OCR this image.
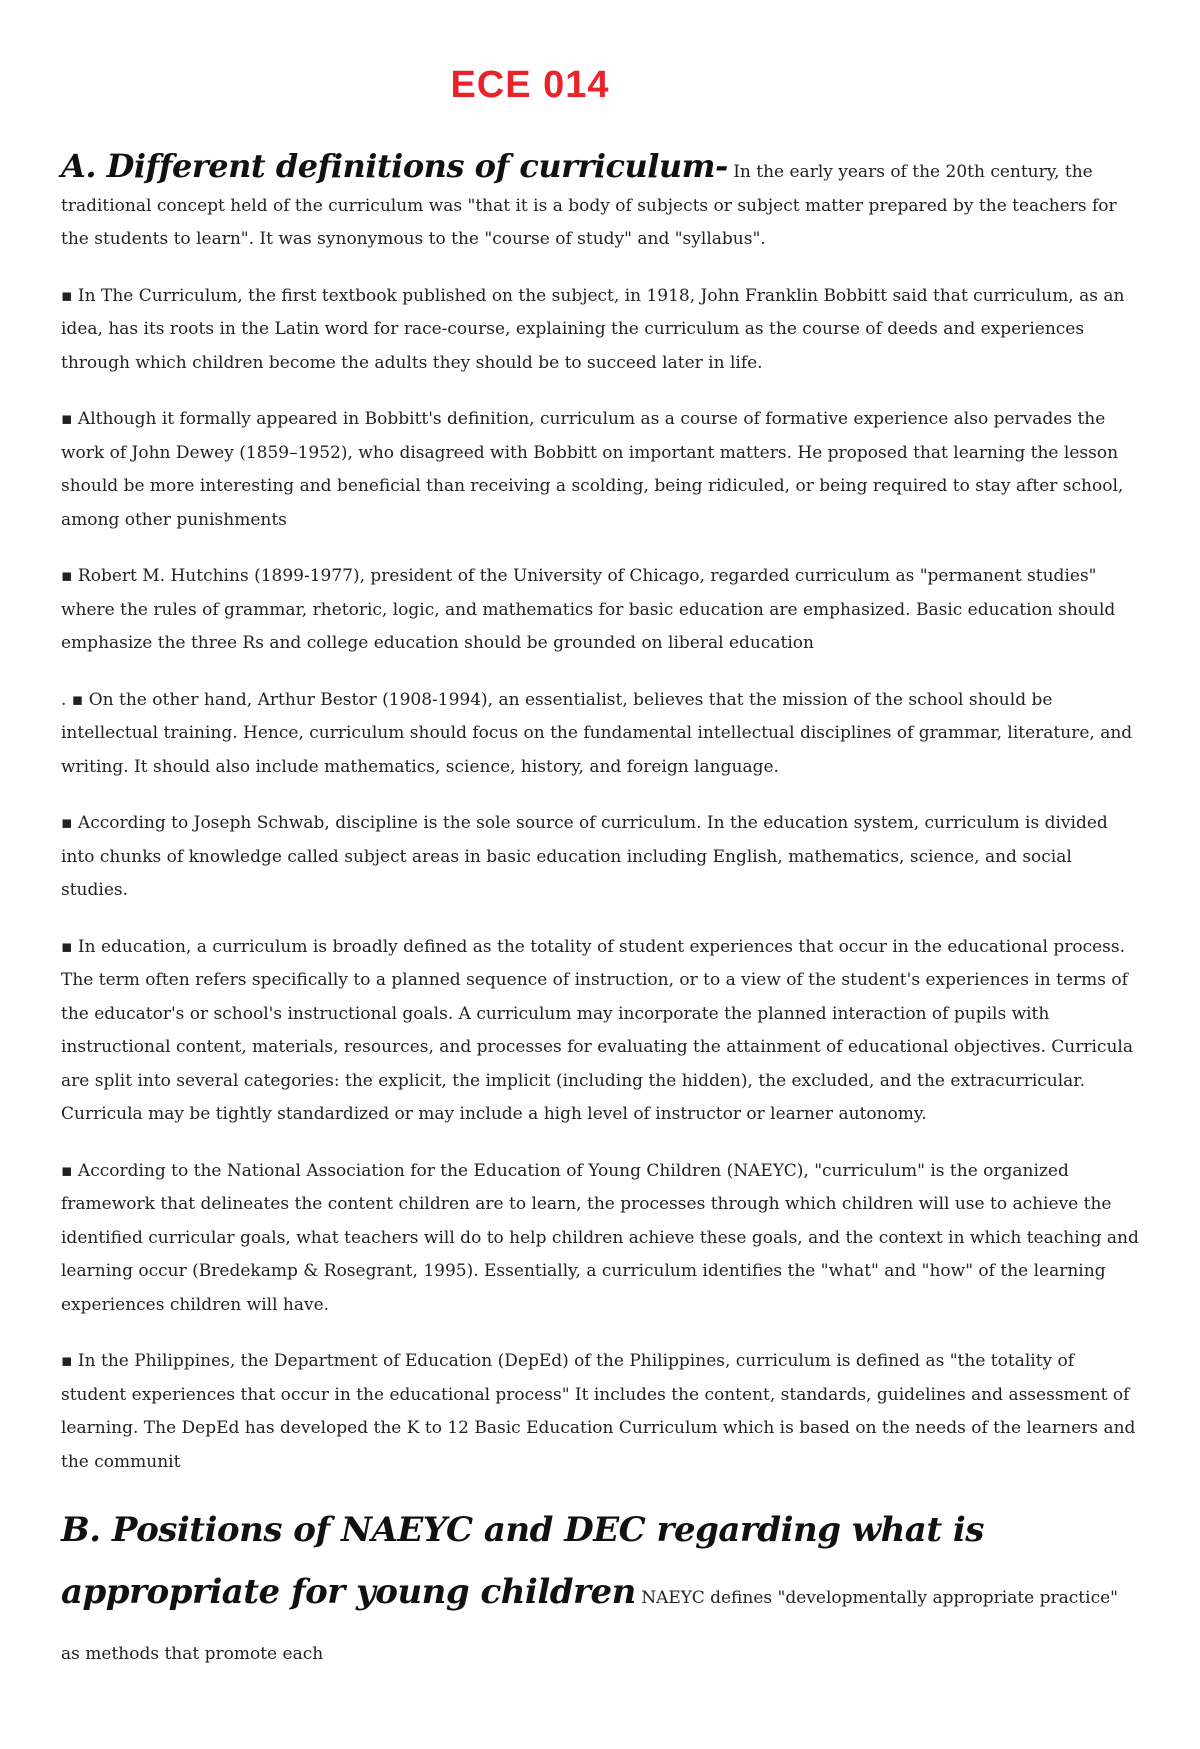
ECE 014

A. Different definitions of curriculum- In the early years of the 20th century, the traditional concept held of the curriculum was "that it is a body of subjects or subject matter prepared by the teachers for the students to learn". It was synonymous to the "course of study" and "syllabus".

▪ In The Curriculum, the first textbook published on the subject, in 1918, John Franklin Bobbitt said that curriculum, as an idea, has its roots in the Latin word for race-course, explaining the curriculum as the course of deeds and experiences through which children become the adults they should be to succeed later in life.

▪ Although it formally appeared in Bobbitt's definition, curriculum as a course of formative experience also pervades the work of John Dewey (1859–1952), who disagreed with Bobbitt on important matters. He proposed that learning the lesson should be more interesting and beneficial than receiving a scolding, being ridiculed, or being required to stay after school, among other punishments

▪ Robert M. Hutchins (1899-1977), president of the University of Chicago, regarded curriculum as "permanent studies" where the rules of grammar, rhetoric, logic, and mathematics for basic education are emphasized. Basic education should emphasize the three Rs and college education should be grounded on liberal education

. ▪ On the other hand, Arthur Bestor (1908-1994), an essentialist, believes that the mission of the school should be intellectual training. Hence, curriculum should focus on the fundamental intellectual disciplines of grammar, literature, and writing. It should also include mathematics, science, history, and foreign language.

▪ According to Joseph Schwab, discipline is the sole source of curriculum. In the education system, curriculum is divided into chunks of knowledge called subject areas in basic education including English, mathematics, science, and social studies.

▪ In education, a curriculum is broadly defined as the totality of student experiences that occur in the educational process. The term often refers specifically to a planned sequence of instruction, or to a view of the student's experiences in terms of the educator's or school's instructional goals. A curriculum may incorporate the planned interaction of pupils with instructional content, materials, resources, and processes for evaluating the attainment of educational objectives. Curricula are split into several categories: the explicit, the implicit (including the hidden), the excluded, and the extracurricular. Curricula may be tightly standardized or may include a high level of instructor or learner autonomy.

▪ According to the National Association for the Education of Young Children (NAEYC), "curriculum" is the organized framework that delineates the content children are to learn, the processes through which children will use to achieve the identified curricular goals, what teachers will do to help children achieve these goals, and the context in which teaching and learning occur (Bredekamp & Rosegrant, 1995). Essentially, a curriculum identifies the "what" and "how" of the learning experiences children will have.

▪ In the Philippines, the Department of Education (DepEd) of the Philippines, curriculum is defined as "the totality of student experiences that occur in the educational process" It includes the content, standards, guidelines and assessment of learning. The DepEd has developed the K to 12 Basic Education Curriculum which is based on the needs of the learners and the communit

B. Positions of NAEYC and DEC regarding what is appropriate for young children NAEYC defines "developmentally appropriate practice" as methods that promote each
